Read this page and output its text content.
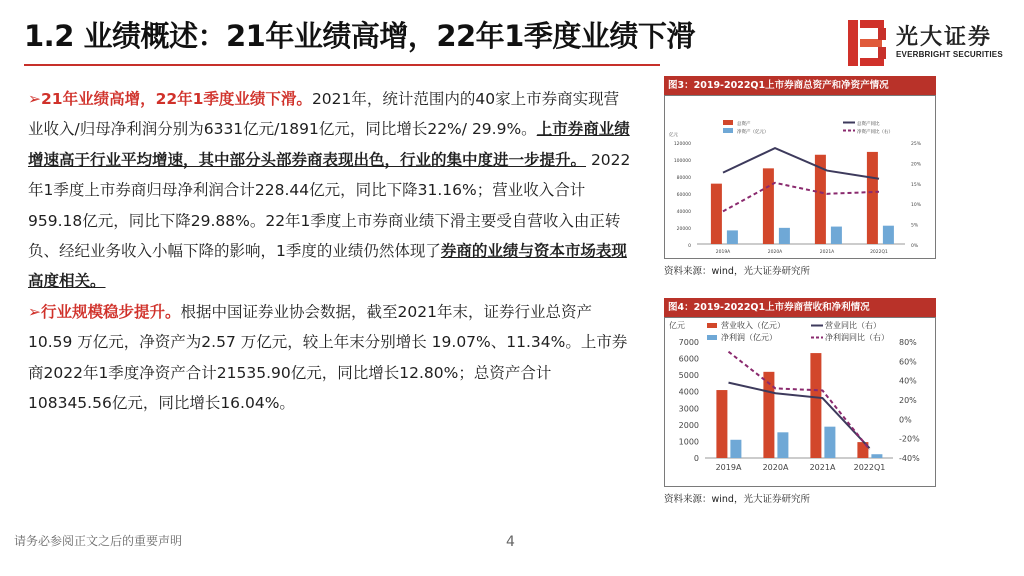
1.2 业绩概述：21年业绩高增，22年1季度业绩下滑	光大证券
EVERBRIGHT SECURITIES

➢21年业绩高增，22年1季度业绩下滑。2021年，统计范围内的40家上市券商实现营业收入/归母净利润分别为6331亿元/1891亿元，同比增长22%/ 29.9%。上市券商业绩增速高于行业平均增速，其中部分头部券商表现出色，行业的集中度进一步提升。 2022年1季度上市券商归母净利润合计228.44亿元，同比下降31.16%；营业收入合计959.18亿元，同比下降29.88%。22年1季度上市券商业绩下滑主要受自营收入由正转负、经纪业务收入小幅下降的影响，1季度的业绩仍然体现了券商的业绩与资本市场表现高度相关。

➢行业规模稳步提升。根据中国证券业协会数据，截至2021年末，证券行业总资产10.59 万亿元，净资产为2.57 万亿元，较上年末分别增长 19.07%、11.34%。上市券商2022年1季度净资产合计21535.90亿元，同比增长12.80%；总资产合计108345.56亿元，同比增长16.04%。

图3：2019-2022Q1上市券商总资产和净资产情况
总资产
净资产（亿元）
总资产同比
净资产同比（右）
亿元
0
20000
40000
60000
80000
100000
120000
0%
5%
10%
15%
20%
25%
2019A	2020A	2021A	2022Q1
资料来源：wind，光大证券研究所
图4：2019-2022Q1上市券商营收和净利情况
营业收入（亿元）
净利润（亿元）
营业同比（右）
净利润同比（右）
亿元
0
1000
2000
3000
4000
5000
6000
7000
-40%
-20%
0%
20%
40%
60%
80%
2019A	2020A	2021A 2022Q1
资料来源：wind，光大证券研究所
请务必参阅正文之后的重要声明	4
